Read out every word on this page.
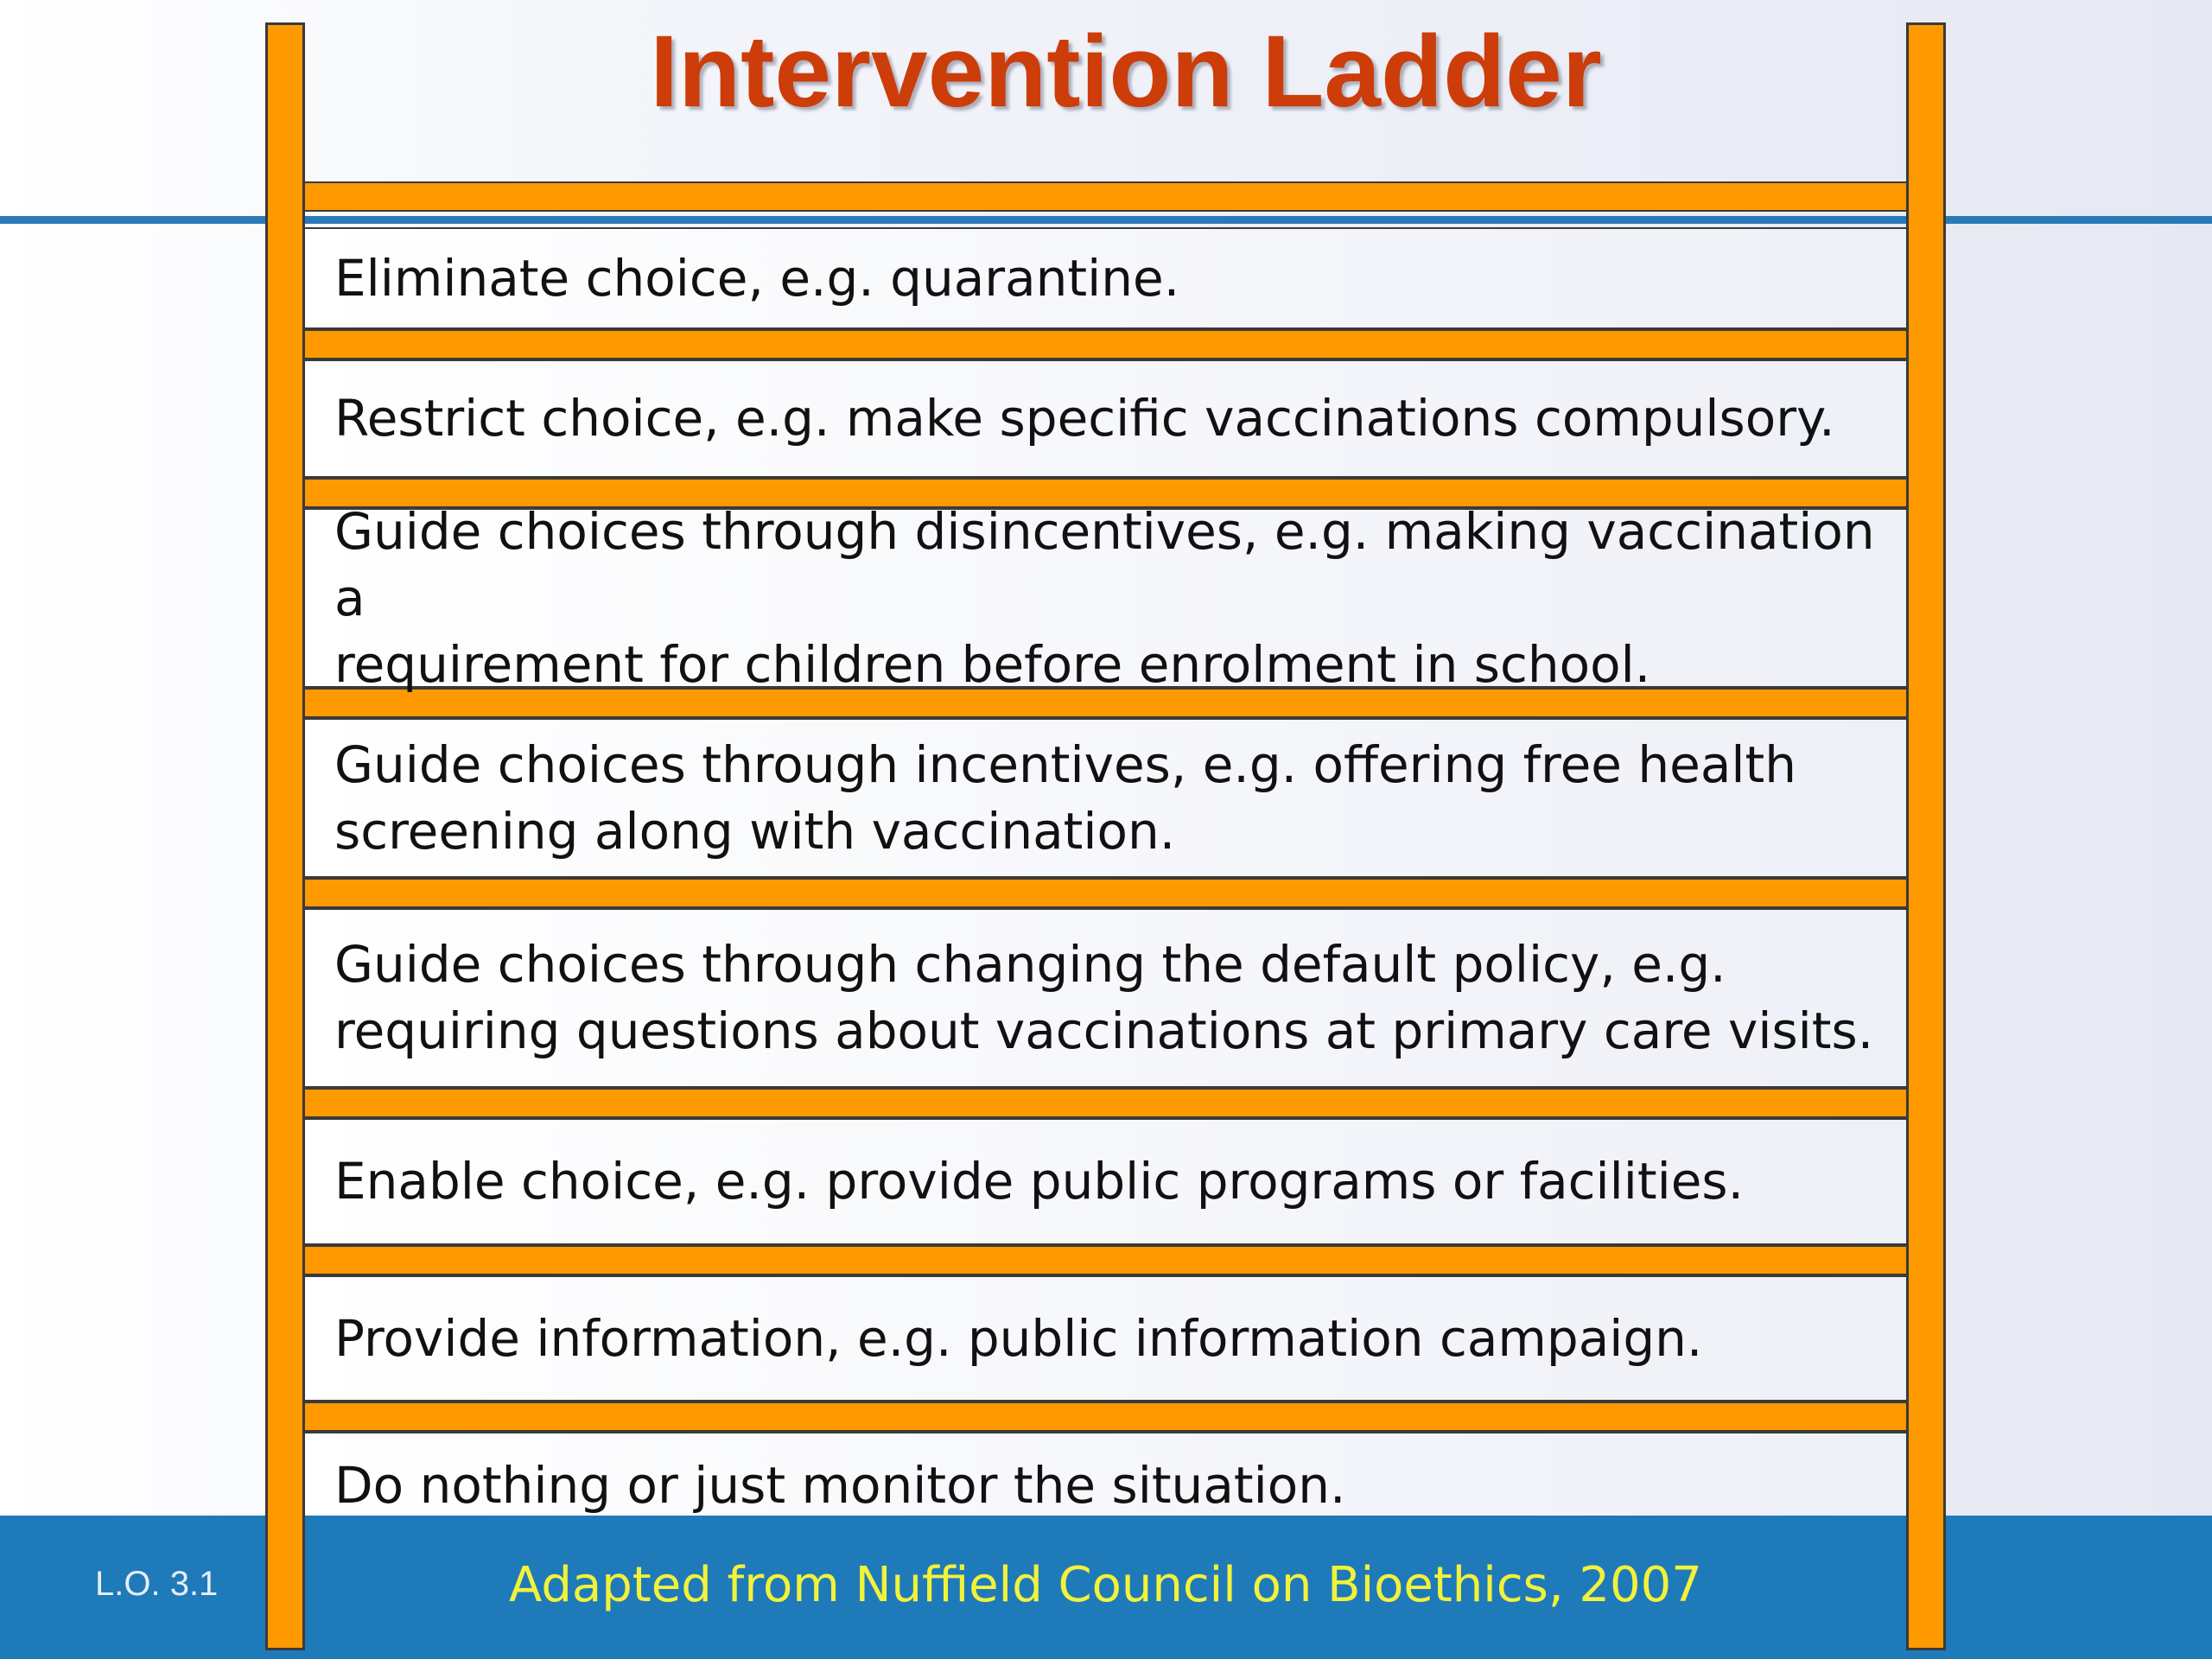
Intervention Ladder
Eliminate choice, e.g. quarantine.
Restrict choice, e.g. make specific vaccinations compulsory.
Guide choices through disincentives, e.g. making vaccination a
requirement for children before enrolment in school.
Guide choices through incentives, e.g. offering free health
screening along with vaccination.
Guide choices through changing the default policy, e.g.
requiring questions about vaccinations at primary care visits.
Enable choice, e.g. provide public programs or facilities.
Provide information, e.g. public information campaign.
Do nothing or just monitor the situation.
L.O. 3.1	Adapted from Nuffield Council on Bioethics, 2007
